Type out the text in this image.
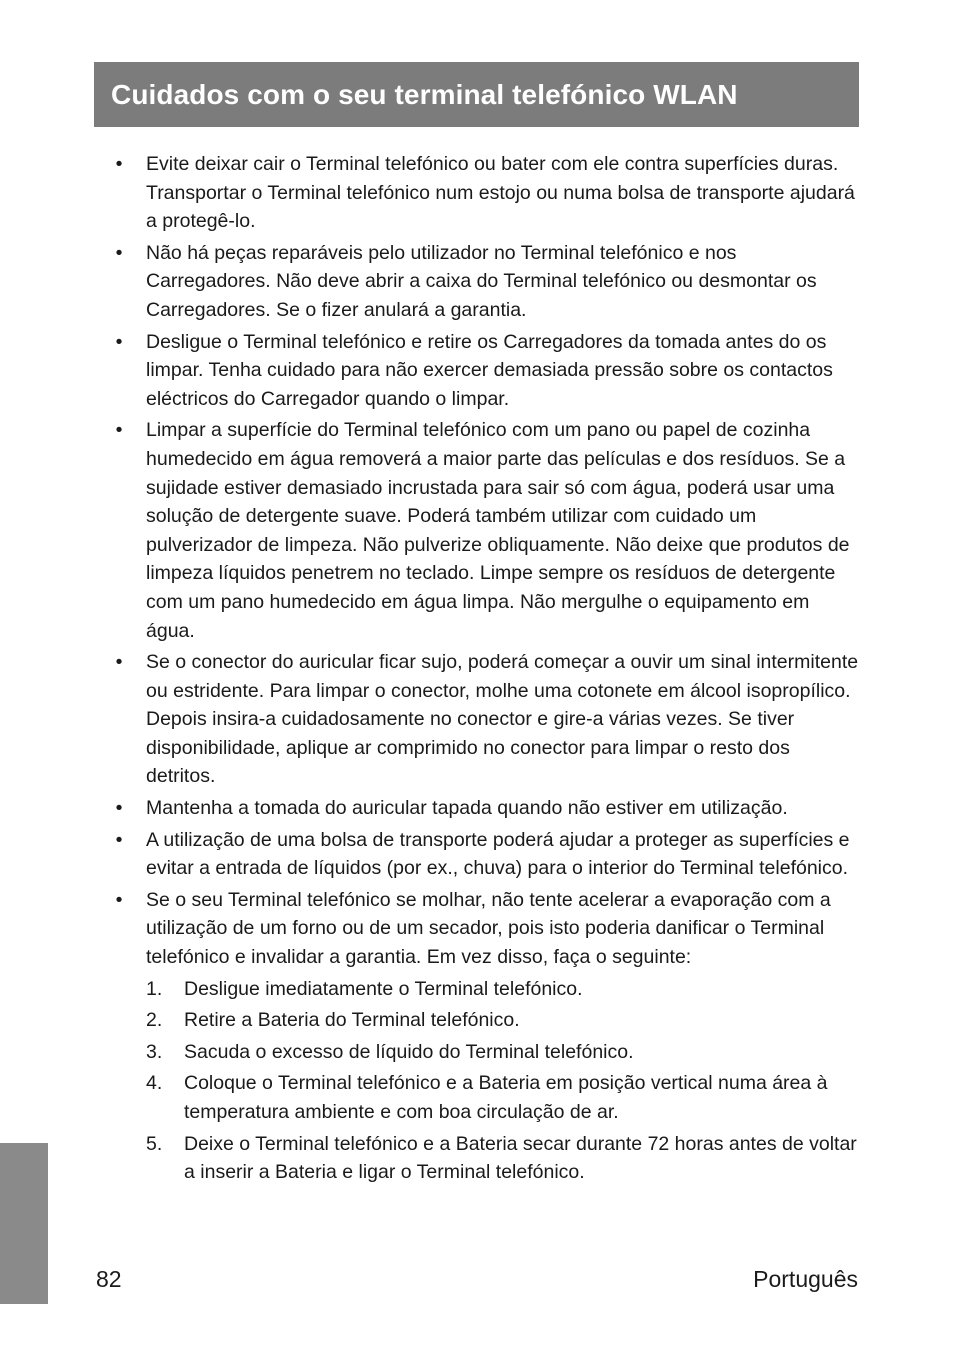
Cuidados com o seu terminal telefónico WLAN
• Evite deixar cair o Terminal telefónico ou bater com ele contra superfícies duras. Transportar o Terminal telefónico num estojo ou numa bolsa de transporte ajudará a protegê-lo.
• Não há peças reparáveis pelo utilizador no Terminal telefónico e nos Carregadores. Não deve abrir a caixa do Terminal telefónico ou desmontar os Carregadores. Se o fizer anulará a garantia.
• Desligue o Terminal telefónico e retire os Carregadores da tomada antes do os limpar. Tenha cuidado para não exercer demasiada pressão sobre os contactos eléctricos do Carregador quando o limpar.
• Limpar a superfície do Terminal telefónico com um pano ou papel de cozinha humedecido em água removerá a maior parte das películas e dos resíduos. Se a sujidade estiver demasiado incrustada para sair só com água, poderá usar uma solução de detergente suave. Poderá também utilizar com cuidado um pulverizador de limpeza. Não pulverize obliquamente. Não deixe que produtos de limpeza líquidos penetrem no teclado. Limpe sempre os resíduos de detergente com um pano humedecido em água limpa. Não mergulhe o equipamento em água.
• Se o conector do auricular ficar sujo, poderá começar a ouvir um sinal intermitente ou estridente. Para limpar o conector, molhe uma cotonete em álcool isopropílico. Depois insira-a cuidadosamente no conector e gire-a várias vezes. Se tiver disponibilidade, aplique ar comprimido no conector para limpar o resto dos detritos.
• Mantenha a tomada do auricular tapada quando não estiver em utilização.
• A utilização de uma bolsa de transporte poderá ajudar a proteger as superfícies e evitar a entrada de líquidos (por ex., chuva) para o interior do Terminal telefónico.
• Se o seu Terminal telefónico se molhar, não tente acelerar a evaporação com a utilização de um forno ou de um secador, pois isto poderia danificar o Terminal telefónico e invalidar a garantia. Em vez disso, faça o seguinte:
1. Desligue imediatamente o Terminal telefónico.
2. Retire a Bateria do Terminal telefónico.
3. Sacuda o excesso de líquido do Terminal telefónico.
4. Coloque o Terminal telefónico e a Bateria em posição vertical numa área à temperatura ambiente e com boa circulação de ar.
5. Deixe o Terminal telefónico e a Bateria secar durante 72 horas antes de voltar a inserir a Bateria e ligar o Terminal telefónico.
82	Português
